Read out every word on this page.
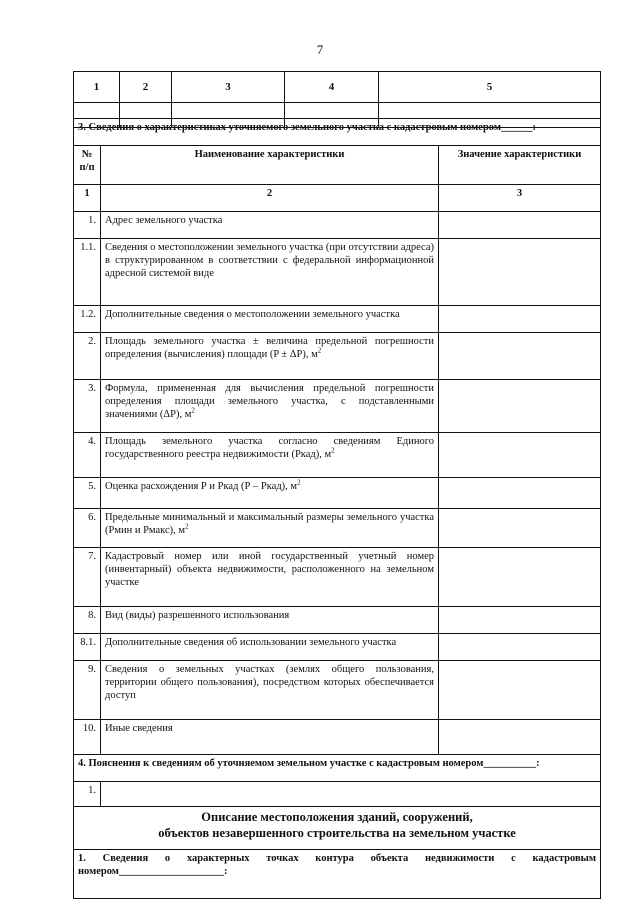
7
1	2	3	4	5

3. Сведения о характеристиках уточняемого земельного участка с кадастровым номером______:		
№ п/п	Наименование характеристики	Значение характеристики
1	2	3
1.	Адрес земельного участка	
1.1.	Сведения о местоположении земельного участка (при отсутствии адреса) в структурированном в соответствии с федеральной информационной адресной системой виде	
1.2.	Дополнительные сведения о местоположении земельного участка	
2.	Площадь земельного участка ± величина предельной погрешности определения (вычисления) площади (P ± ΔP), $м^2$	
3.	Формула, примененная для вычисления предельной погрешности определения площади земельного участка, с подставленными значениями (ΔP), $м^2$	
4.	Площадь земельного участка согласно сведениям Единого государственного реестра недвижимости (Ркад), $м^2$	
5.	Оценка расхождения Р и Ркад (Р – Ркад), $м^2$	
6.	Предельные минимальный и максимальный размеры земельного участка (Рмин и Рмакс), $м^2$	
7.	Кадастровый номер или иной государственный учетный номер (инвентарный) объекта недвижимости, расположенного на земельном участке	
8.	Вид (виды) разрешенного использования	
8.1.	Дополнительные сведения об использовании земельного участка	
9.	Сведения о земельных участках (землях общего пользования, территории общего пользования), посредством которых обеспечивается доступ	
10.	Иные сведения	
4. Пояснения к сведениям об уточняемом земельном участке с кадастровым номером__________:		
1.		
Описание местоположения зданий, сооружений,
объектов незавершенного строительства на земельном участке		
1. Сведения о характерных точках контура объекта недвижимости с кадастровым номером____________________:		
